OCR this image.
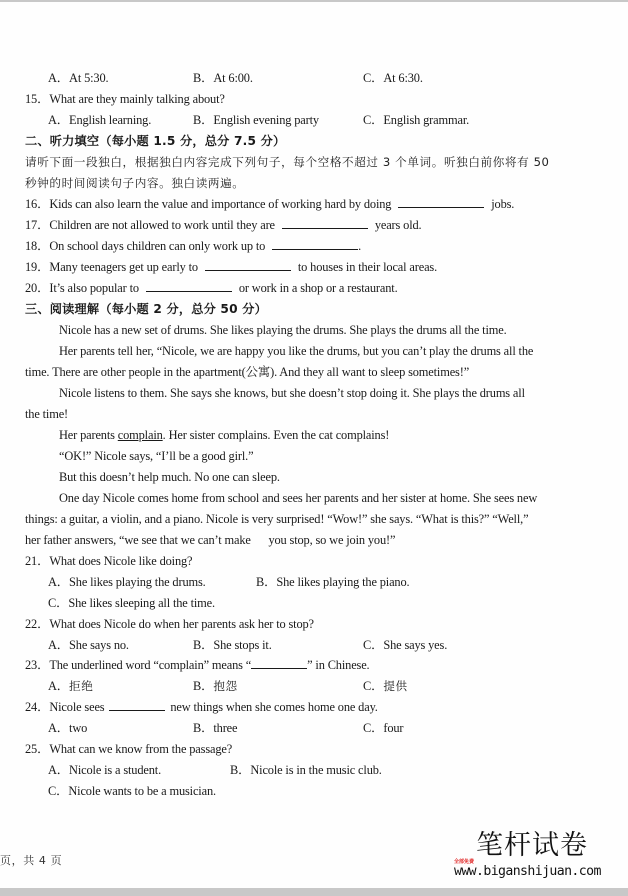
A．At 5:30.	B．At 6:00.	C．At 6:30.
15．What are they mainly talking about?
A．English learning.	B．English evening party	C．English grammar.
二、听力填空（每小题 1.5 分，总分 7.5 分）
请听下面一段独白，根据独白内容完成下列句子，每个空格不超过 3 个单词。听独白前你将有 50
秒钟的时间阅读句子内容。独白读两遍。
16．Kids can also learn the value and importance of working hard by doing	jobs.
17．Children are not allowed to work until they are	years old.
18．On school days children can only work up to	.
19．Many teenagers get up early to	to houses in their local areas.
20．It’s also popular to	or work in a shop or a restaurant.
三、阅读理解（每小题 2 分，总分 50 分）
Nicole has a new set of drums. She likes playing the drums. She plays the drums all the time.
Her parents tell her, “Nicole, we are happy you like the drums, but you can’t play the drums all the
time. There are other people in the apartment(公寓). And they all want to sleep sometimes!”
Nicole listens to them. She says she knows, but she doesn’t stop doing it. She plays the drums all
the time!
Her parents complain. Her sister complains. Even the cat complains!
“OK!” Nicole says, “I’ll be a good girl.”
But this doesn’t help much. No one can sleep.
One day Nicole comes home from school and sees her parents and her sister at home. She sees new
things: a guitar, a violin, and a piano. Nicole is very surprised! “Wow!” she says. “What is this?” “Well,”
her father answers, “we see that we can’t make      you stop, so we join you!”
21．What does Nicole like doing?
A．She likes playing the drums.	B．She likes playing the piano.
C．She likes sleeping all the time.
22．What does Nicole do when her parents ask her to stop?
A．She says no.	B．She stops it.	C．She says yes.
23．The underlined word “complain” means “	” in Chinese.
A．拒绝	B．抱怨	C．提供
24．Nicole sees	new things when she comes home one day.
A．two	B．three	C．four
25．What can we know from the passage?
A．Nicole is a student.	B．Nicole is in the music club.
C．Nicole wants to be a musician.
页，共 4 页	全部免费
笔杆试卷
www.biganshijuan.com
